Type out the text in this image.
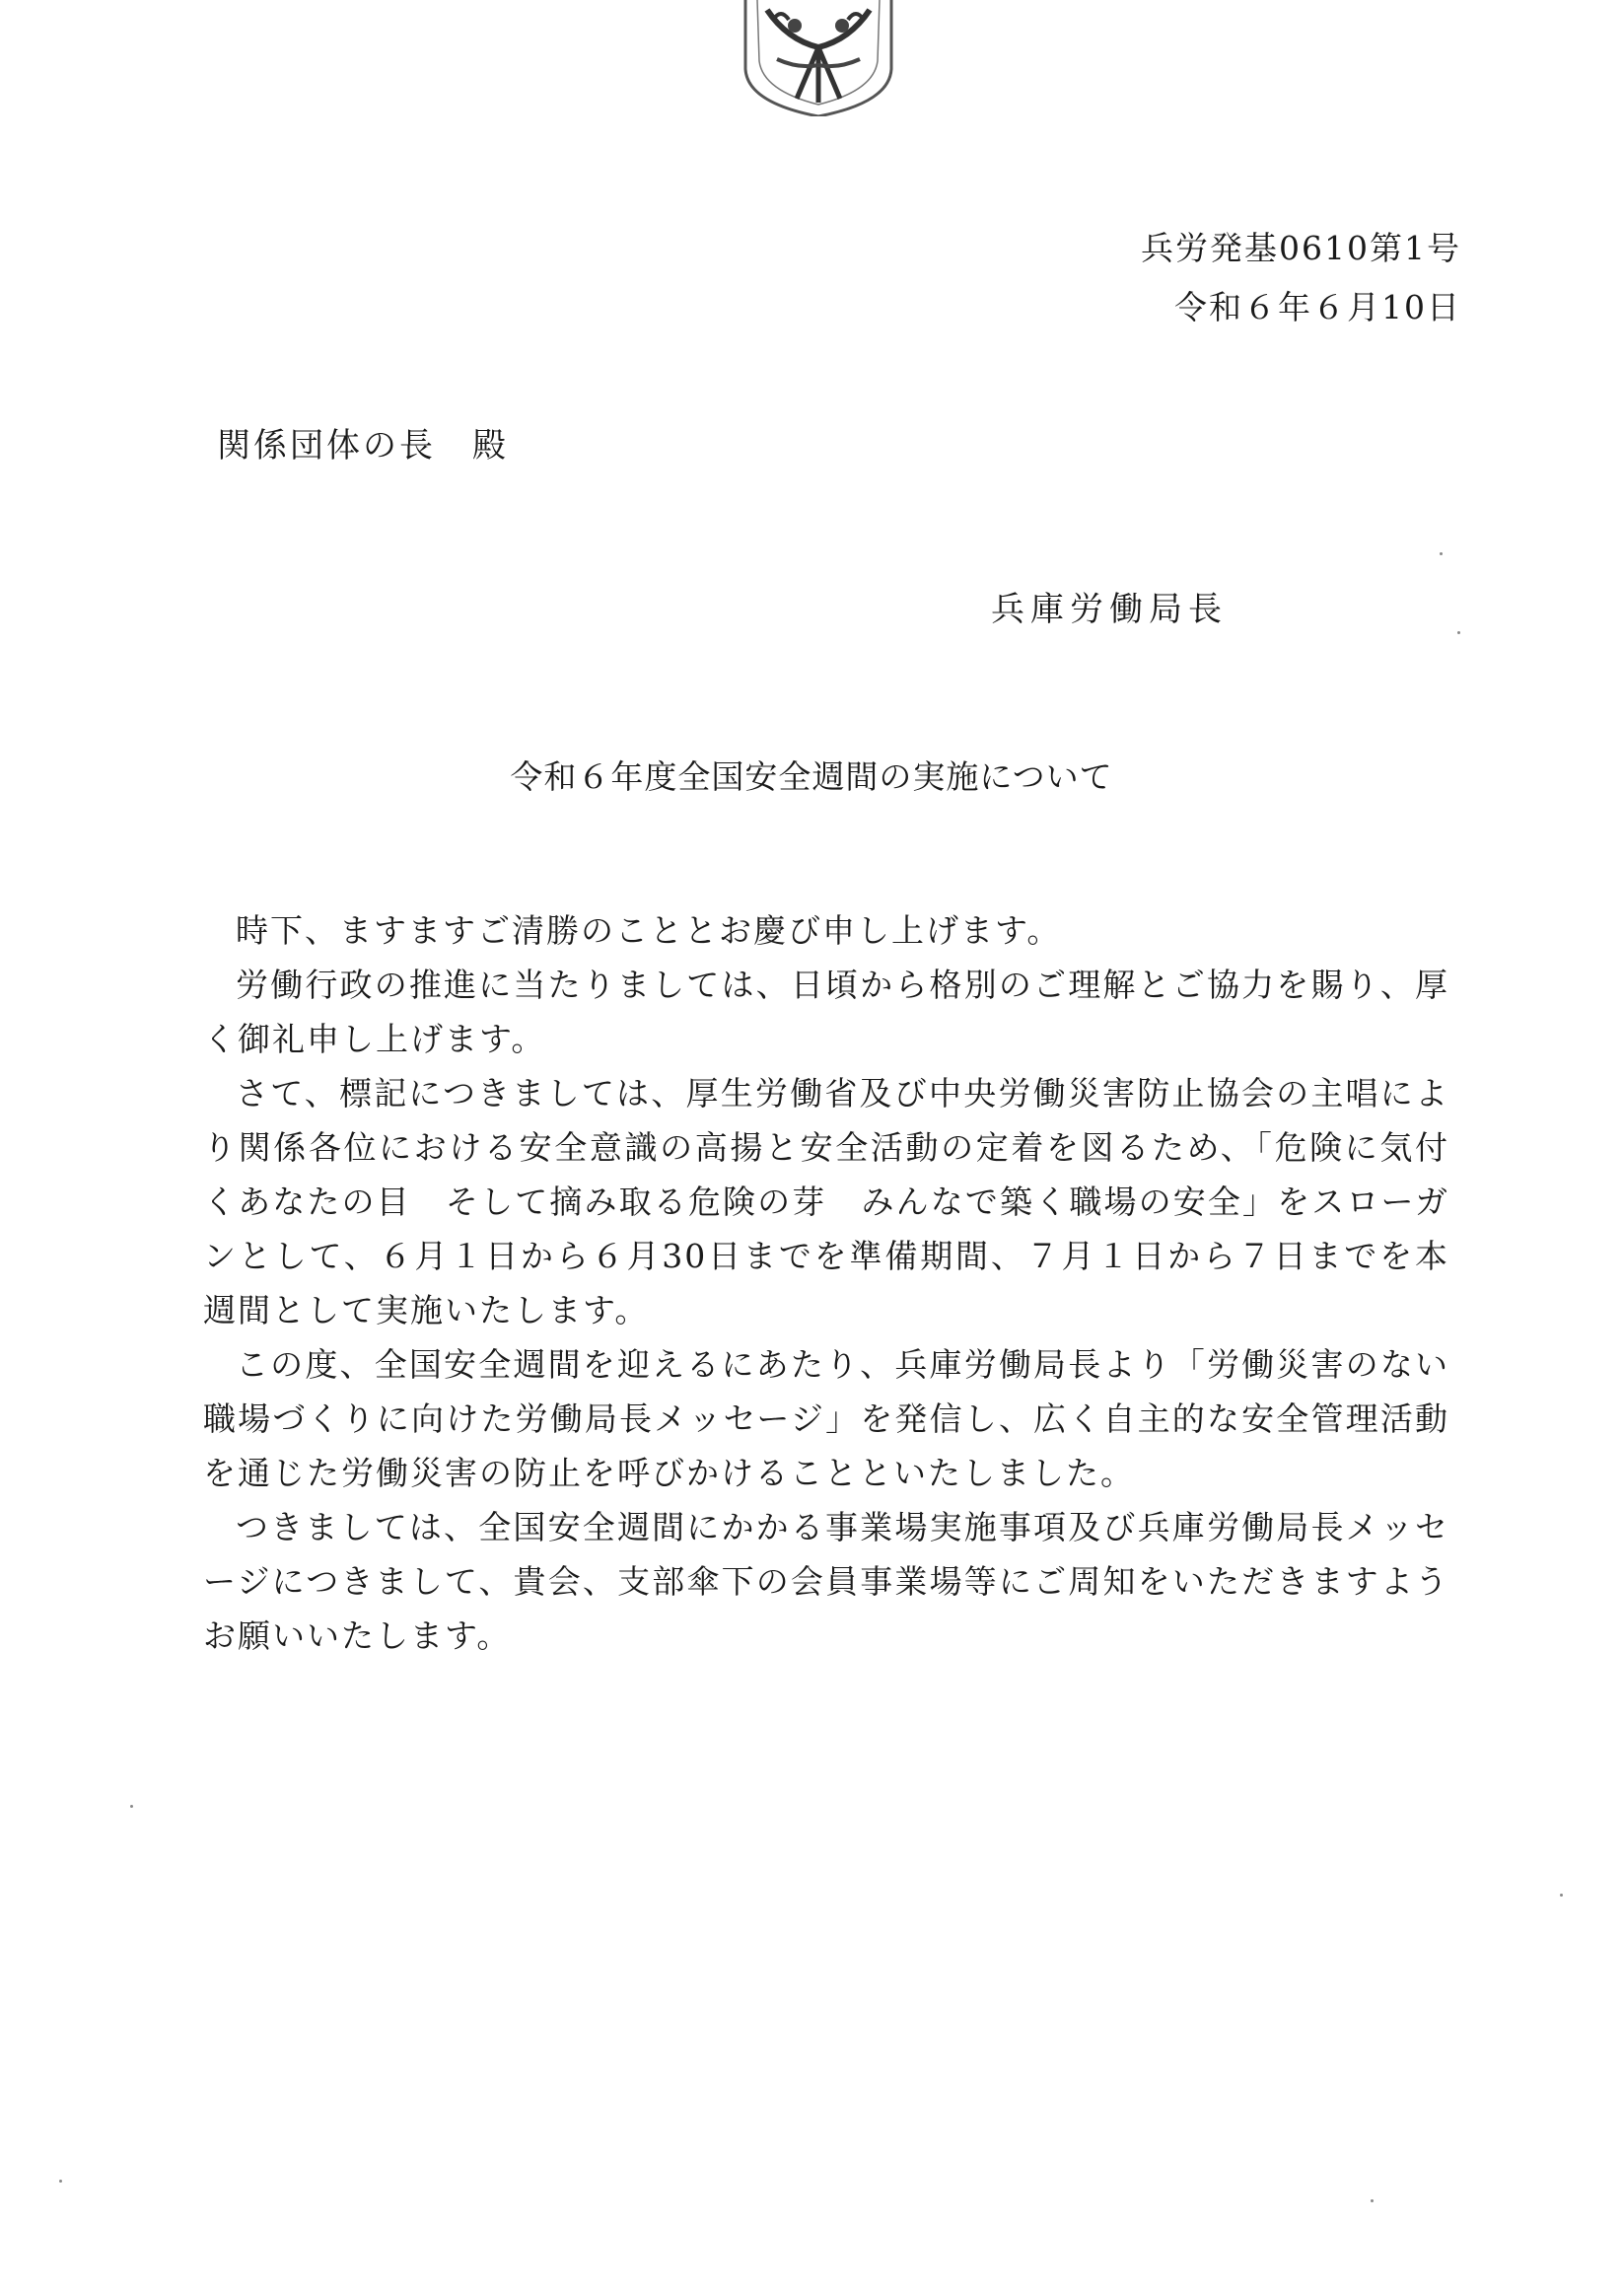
兵労発基0610第1号
令和６年６月10日
関係団体の長　殿
兵庫労働局長
令和６年度全国安全週間の実施について

時下、ますますご清勝のこととお慶び申し上げます。

労働行政の推進に当たりましては、日頃から格別のご理解とご協力を賜り、厚く御礼申し上げます。

さて、標記につきましては、厚生労働省及び中央労働災害防止協会の主唱により関係各位における安全意識の高揚と安全活動の定着を図るため、「危険に気付くあなたの目　そして摘み取る危険の芽　みんなで築く職場の安全」をスローガンとして、６月１日から６月30日までを準備期間、７月１日から７日までを本週間として実施いたします。

この度、全国安全週間を迎えるにあたり、兵庫労働局長より「労働災害のない職場づくりに向けた労働局長メッセージ」を発信し、広く自主的な安全管理活動を通じた労働災害の防止を呼びかけることといたしました。

つきましては、全国安全週間にかかる事業場実施事項及び兵庫労働局長メッセージにつきまして、貴会、支部傘下の会員事業場等にご周知をいただきますようお願いいたします。
